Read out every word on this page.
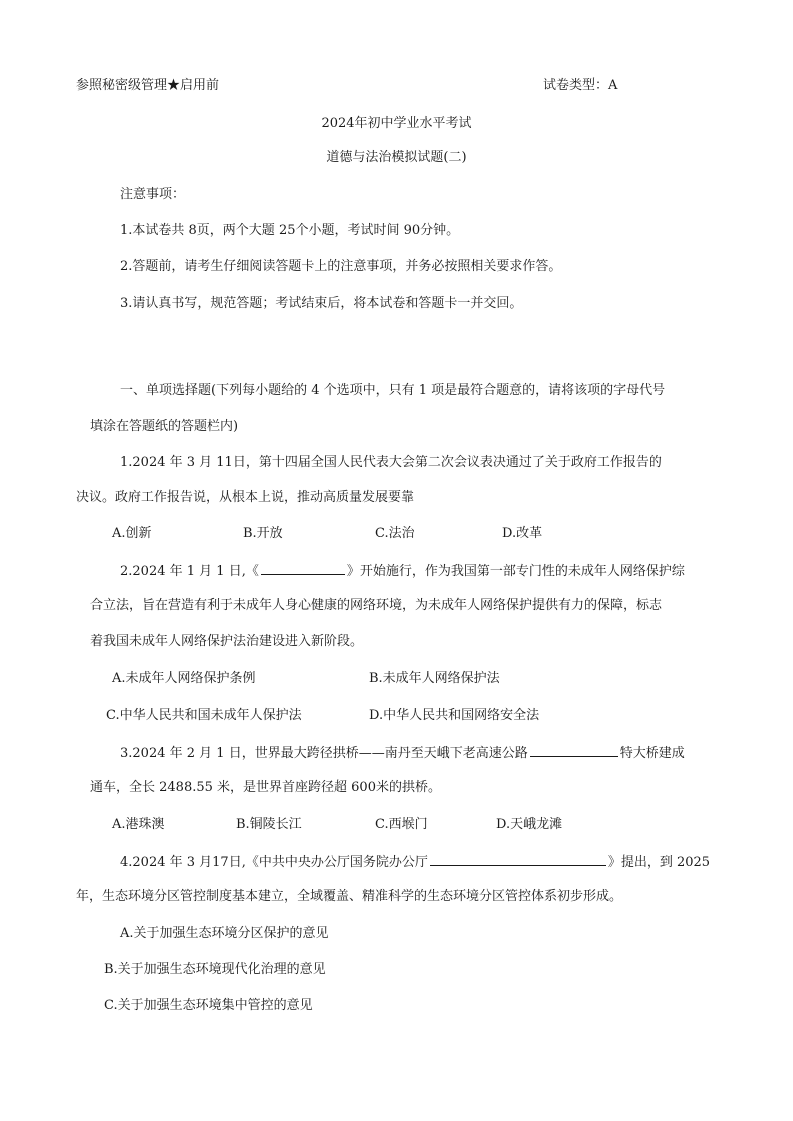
参照秘密级管理★启用前	试卷类型：A
2024年初中学业水平考试
道德与法治模拟试题(二)
注意事项：
1.本试卷共 8页，两个大题 25个小题，考试时间 90分钟。
2.答题前，请考生仔细阅读答题卡上的注意事项，并务必按照相关要求作答。
3.请认真书写，规范答题；考试结束后，将本试卷和答题卡一并交回。
一、单项选择题(下列每小题给的 4 个选项中，只有 1 项是最符合题意的，请将该项的字母代号
填涂在答题纸的答题栏内)
1.2024 年 3 月 11日，第十四届全国人民代表大会第二次会议表决通过了关于政府工作报告的
决议。政府工作报告说，从根本上说，推动高质量发展要靠
A.创新	B.开放	C.法治	D.改革
2.2024 年 1 月 1 日,《	》开始施行，作为我国第一部专门性的未成年人网络保护综
合立法，旨在营造有利于未成年人身心健康的网络环境，为未成年人网络保护提供有力的保障，标志
着我国未成年人网络保护法治建设进入新阶段。
A.未成年人网络保护条例	B.未成年人网络保护法
C.中华人民共和国未成年人保护法	D.中华人民共和国网络安全法
3.2024 年 2 月 1 日，世界最大跨径拱桥——南丹至天峨下老高速公路	特大桥建成
通车，全长 2488.55 米，是世界首座跨径超 600米的拱桥。
A.港珠澳	B.铜陵长江	C.西堠门	D.天峨龙滩
4.2024 年 3 月17日,《中共中央办公厅国务院办公厅	》提出，到 2025
年，生态环境分区管控制度基本建立，全域覆盖、精准科学的生态环境分区管控体系初步形成。
A.关于加强生态环境分区保护的意见
B.关于加强生态环境现代化治理的意见
C.关于加强生态环境集中管控的意见
